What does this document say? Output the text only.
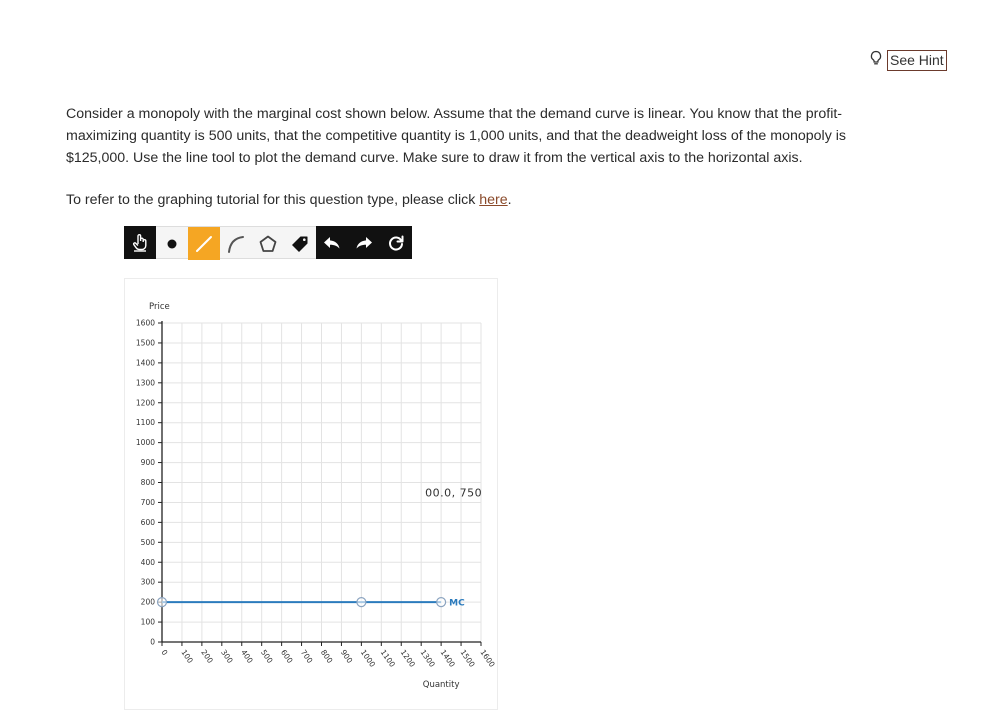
See Hint

Consider a monopoly with the marginal cost shown below. Assume that the demand curve is linear. You know that the profit-maximizing quantity is 500 units, that the competitive quantity is 1,000 units, and that the deadweight loss of the monopoly is $125,000. Use the line tool to plot the demand curve. Make sure to draw it from the vertical axis to the horizontal axis.

To refer to the graphing tutorial for this question type, please click here.

0
100
200
300
400
500
600
700
800
900
1000
1100
1200
1300
1400
1500
1600
0 100 200 300 400 500 600 700 800 900 1000 1100 1200 1300 1400 1500 1600
Price
Quantity
00.0, 750
MC
